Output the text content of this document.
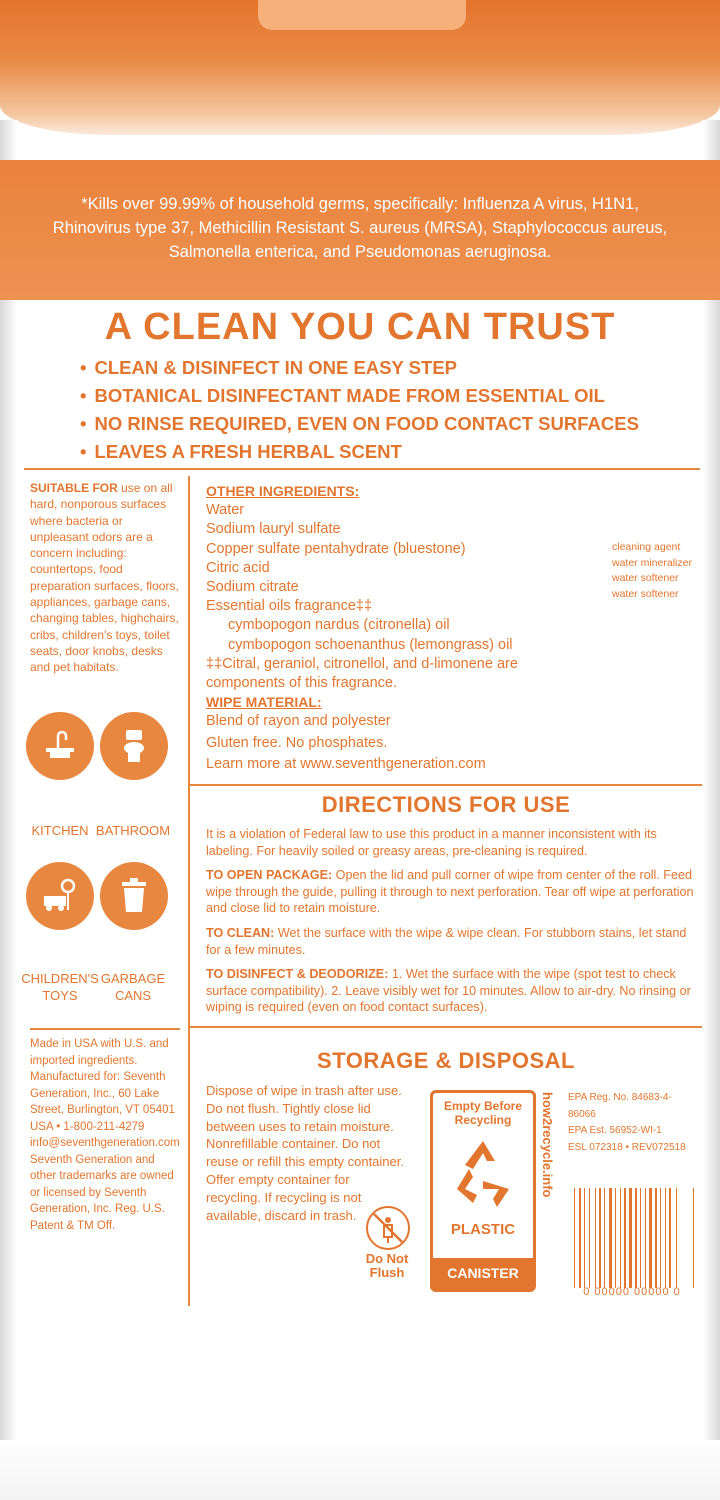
*Kills over 99.99% of household germs, specifically: Influenza A virus, H1N1, Rhinovirus type 37, Methicillin Resistant S. aureus (MRSA), Staphylococcus aureus, Salmonella enterica, and Pseudomonas aeruginosa.
A CLEAN YOU CAN TRUST
• CLEAN & DISINFECT IN ONE EASY STEP
• BOTANICAL DISINFECTANT MADE FROM ESSENTIAL OIL
• NO RINSE REQUIRED, EVEN ON FOOD CONTACT SURFACES
• LEAVES A FRESH HERBAL SCENT
SUITABLE FOR use on all hard, nonporous surfaces where bacteria or unpleasant odors are a concern including: countertops, food preparation surfaces, floors, appliances, garbage cans, changing tables, highchairs, cribs, children's toys, toilet seats, door knobs, desks and pet habitats.
KITCHEN BATHROOM
CHILDREN'S TOYS
GARBAGE CANS
Made in USA with U.S. and imported ingredients. Manufactured for: Seventh Generation, Inc., 60 Lake Street, Burlington, VT 05401 USA • 1-800-211-4279 info@seventhgeneration.com Seventh Generation and other trademarks are owned or licensed by Seventh Generation, Inc. Reg. U.S. Patent & TM Off.
OTHER INGREDIENTS:
Water
Sodium lauryl sulfate
Copper sulfate pentahydrate (bluestone)
Citric acid
Sodium citrate
Essential oils fragrance‡‡
cymbopogon nardus (citronella) oil
cymbopogon schoenanthus (lemongrass) oil
‡‡Citral, geraniol, citronellol, and d-limonene are components of this fragrance.
WIPE MATERIAL:
Blend of rayon and polyester
Gluten free. No phosphates.
Learn more at www.seventhgeneration.com
cleaning agent
water mineralizer
water softener
water softener
DIRECTIONS FOR USE

It is a violation of Federal law to use this product in a manner inconsistent with its labeling. For heavily soiled or greasy areas, pre-cleaning is required.

TO OPEN PACKAGE: Open the lid and pull corner of wipe from center of the roll. Feed wipe through the guide, pulling it through to next perforation. Tear off wipe at perforation and close lid to retain moisture.

TO CLEAN: Wet the surface with the wipe & wipe clean. For stubborn stains, let stand for a few minutes.

TO DISINFECT & DEODORIZE: 1. Wet the surface with the wipe (spot test to check surface compatibility). 2. Leave visibly wet for 10 minutes. Allow to air-dry. No rinsing or wiping is required (even on food contact surfaces).

STORAGE & DISPOSAL
Dispose of wipe in trash after use. Do not flush. Tightly close lid between uses to retain moisture. Nonrefillable container. Do not reuse or refill this empty container. Offer empty container for recycling. If recycling is not available, discard in trash.
Do Not Flush
Empty Before Recycling
PLASTIC
CANISTER
how2recycle.info EPA Reg. No. 84683-4-86066
EPA Est. 56952-WI-1
ESL 072318 • REV072518
0 00000 00000 0
